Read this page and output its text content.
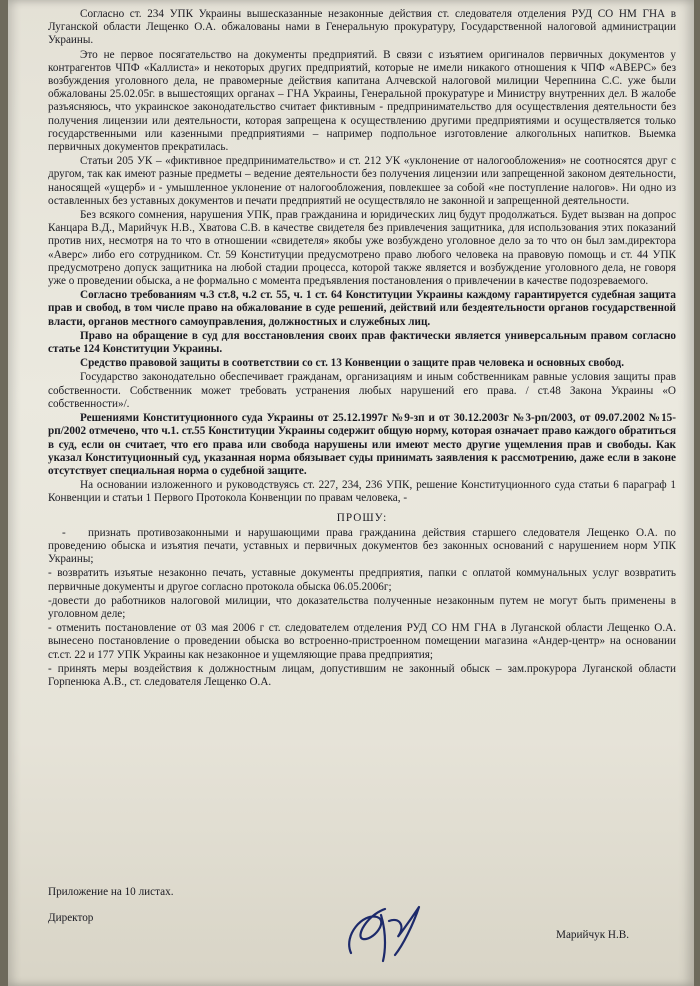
Согласно ст. 234 УПК Украины вышесказанные незаконные действия ст. следователя отделения РУД СО НМ ГНА в Луганской области Лещенко О.А. обжалованы нами в Генеральную прокуратуру, Государственной налоговой администрации Украины.

Это не первое посягательство на документы предприятий. В связи с изъятием оригиналов первичных документов у контрагентов ЧПФ «Каллиста» и некоторых других предприятий, которые не имели никакого отношения к ЧПФ «АВЕРС» без возбуждения уголовного дела, не правомерные действия капитана Алчевской налоговой милиции Черепнина С.С. уже были обжалованы 25.02.05г. в вышестоящих органах – ГНА Украины, Генеральной прокуратуре и Министру внутренних дел. В жалобе разъясняюсь, что украинское законодательство считает фиктивным - предпринимательство для осуществления деятельности без получения лицензии или деятельности, которая запрещена к осуществлению другими предприятиями и осуществляется только государственными или казенными предприятиями – например подпольное изготовление алкогольных напитков. Выемка первичных документов прекратилась.

Статьи 205 УК – «фиктивное предпринимательство» и ст. 212 УК «уклонение от налогообложения» не соотносятся друг с другом, так как имеют разные предметы – ведение деятельности без получения лицензии или запрещенной законом деятельности, наносящей «ущерб» и - умышленное уклонение от налогообложения, повлекшее за собой «не поступление налогов». Ни одно из оставленных без уставных документов и печати предприятий не осуществляло не законной и запрещенной деятельности.

Без всякого сомнения, нарушения УПК, прав гражданина и юридических лиц будут продолжаться. Будет вызван на допрос Канцара В.Д., Марийчук Н.В., Хватова С.В. в качестве свидетеля без привлечения защитника, для использования этих показаний против них, несмотря на то что в отношении «свидетеля» якобы уже возбуждено уголовное дело за то что он был зам.директора «Аверс» либо его сотрудником. Ст. 59 Конституции предусмотрено право любого человека на правовую помощь и ст. 44 УПК предусмотрено допуск защитника на любой стадии процесса, которой также является и возбуждение уголовного дела, не говоря уже о проведении обыска, а не формально с момента предъявления постановления о привлечении в качестве подозреваемого.

Согласно требованиям ч.3 ст.8, ч.2 ст. 55, ч. 1 ст. 64 Конституции Украины каждому гарантируется судебная защита прав и свобод, в том числе право на обжалование в суде решений, действий или бездеятельности органов государственной власти, органов местного самоуправления, должностных и служебных лиц.

Право на обращение в суд для восстановления своих прав фактически является универсальным правом согласно статье 124 Конституции Украины.

Средство правовой защиты в соответствии со ст. 13 Конвенции о защите прав человека и основных свобод.

Государство законодательно обеспечивает гражданам, организациям и иным собственникам равные условия защиты прав собственности. Собственник может требовать устранения любых нарушений его права. / ст.48 Закона Украины «О собственности»/.

Решениями Конституционного суда Украины от 25.12.1997г №9-зп и от 30.12.2003г №3-рп/2003, от 09.07.2002 №15-рп/2002 отмечено, что ч.1. ст.55 Конституции Украины содержит общую норму, которая означает право каждого обратиться в суд, если он считает, что его права или свобода нарушены или имеют место другие ущемления прав и свободы. Как указал Конституционный суд, указанная норма обязывает суды принимать заявления к рассмотрению, даже если в законе отсутствует специальная норма о судебной защите.

На основании изложенного и руководствуясь ст. 227, 234, 236 УПК, решение Конституционного суда статьи 6 параграф 1 Конвенции и статьи 1 Первого Протокола Конвенции по правам человека, -

ПРОШУ:

- признать противозаконными и нарушающими права гражданина действия старшего следователя Лещенко О.А. по проведению обыска и изъятия печати, уставных и первичных документов без законных оснований с нарушением норм УПК Украины;

- возвратить изъятые незаконно печать, уставные документы предприятия, папки с оплатой коммунальных услуг возвратить первичные документы и другое согласно протокола обыска 06.05.2006г;

-довести до работников налоговой милиции, что доказательства полученные незаконным путем не могут быть применены в уголовном деле;

- отменить постановление от 03 мая 2006 г ст. следователем отделения РУД СО НМ ГНА в Луганской области Лещенко О.А. вынесено постановление о проведении обыска во встроенно-пристроенном помещении магазина «Андер-центр» на основании ст.ст. 22 и 177 УПК Украины как незаконное и ущемляющие права предприятия;

- принять меры воздействия к должностным лицам, допустившим не законный обыск – зам.прокурора Луганской области Горпенюка А.В., ст. следователя Лещенко О.А.

Приложение на 10 листах.
Директор
Марийчук Н.В.
